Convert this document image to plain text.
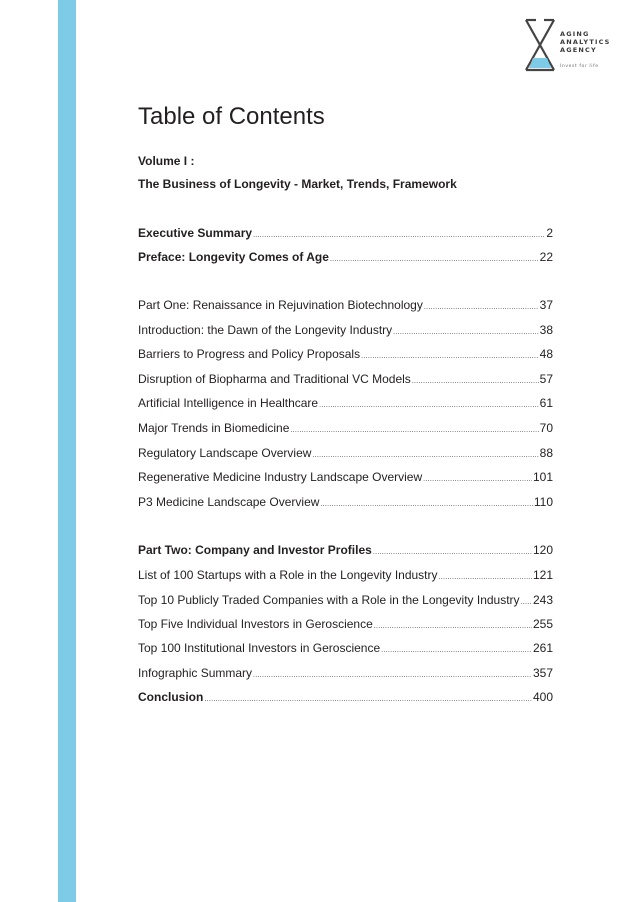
AGING
ANALYTICS
AGENCY
Invest for life
Table of Contents
Volume I :
The Business of Longevity - Market, Trends, Framework
Executive Summary .....	2
Preface: Longevity Comes of Age .....	22
Part One: Renaissance in Rejuvination Biotechnology .....	37
Introduction: the Dawn of the Longevity Industry .....	38
Barriers to Progress and Policy Proposals .....	48
Disruption of Biopharma and Traditional VC Models .....	57
Artificial Intelligence in Healthcare .....	61
Major Trends in Biomedicine .....	70
Regulatory Landscape Overview .....	88
Regenerative Medicine Industry Landscape Overview .....	101
P3 Medicine Landscape Overview .....	110
Part Two: Company and Investor Profiles .....	120
List of 100 Startups with a Role in the Longevity Industry .....	121
Top 10 Publicly Traded Companies with a Role in the Longevity Industry ..... 243
Top Five Individual Investors in Geroscience .....	255
Top 100 Institutional Investors in Geroscience .....	261
Infographic Summary .....	357
Conclusion .....	400
